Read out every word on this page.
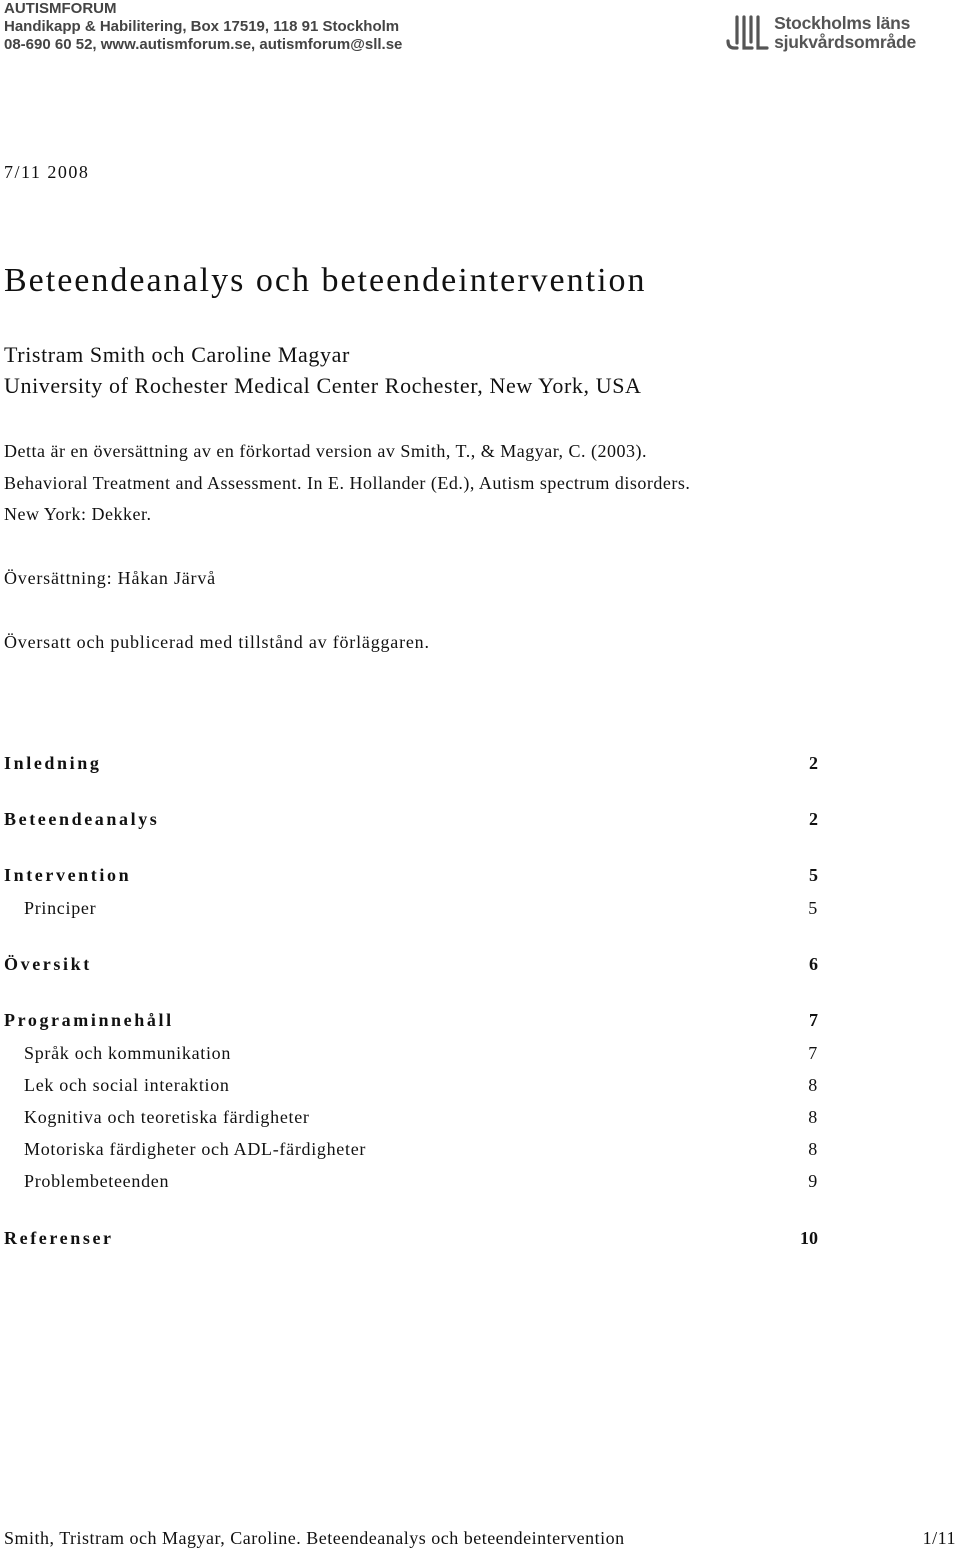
AUTISMFORUM
Handikapp & Habilitering, Box 17519, 118 91 Stockholm
08-690 60 52, www.autismforum.se, autismforum@sll.se
Stockholms läns
sjukvårdsområde
7/11 2008
Beteendeanalys och beteendeintervention
Tristram Smith och Caroline Magyar
University of Rochester Medical Center Rochester, New York, USA
Detta är en översättning av en förkortad version av Smith, T., & Magyar, C. (2003).
Behavioral Treatment and Assessment. In E. Hollander (Ed.), Autism spectrum disorders.
New York: Dekker.
Översättning: Håkan Järvå
Översatt och publicerad med tillstånd av förläggaren.
Inledning	2
Beteendeanalys	2
Intervention	5
Principer	5
Översikt	6
Programinnehåll	7
Språk och kommunikation	7
Lek och social interaktion	8
Kognitiva och teoretiska färdigheter	8
Motoriska färdigheter och ADL-färdigheter	8
Problembeteenden	9
Referenser	10
Smith, Tristram och Magyar, Caroline. Beteendeanalys och beteendeintervention	1/11
